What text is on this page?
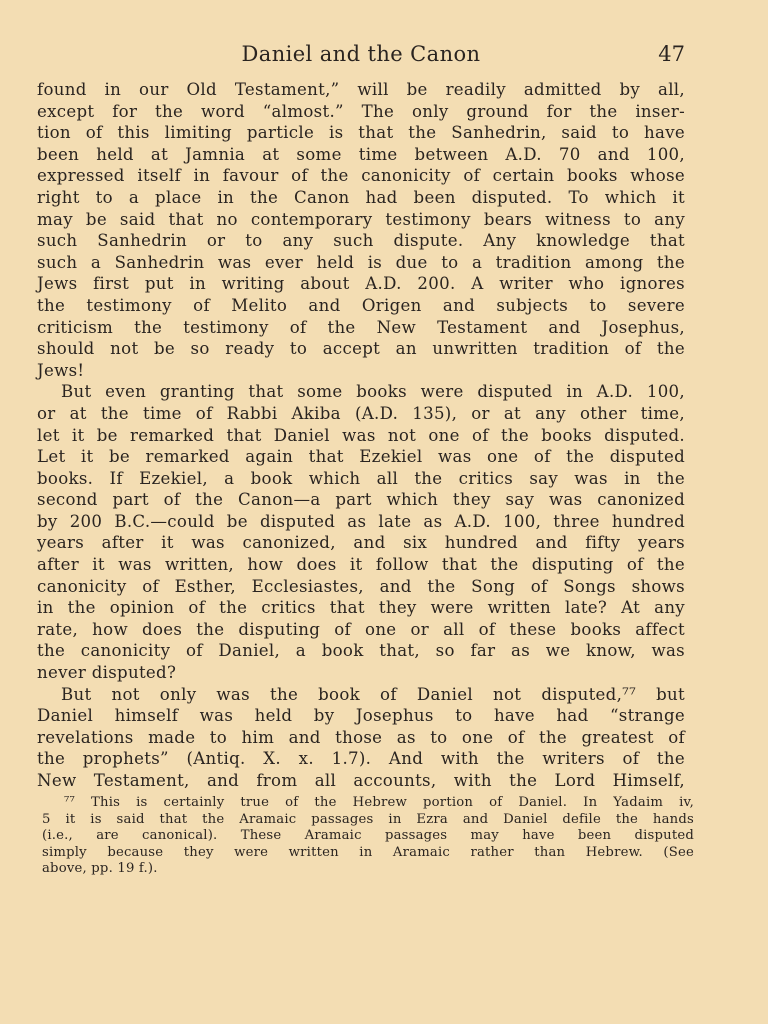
Daniel and the Canon	47
found in our Old Testament,” will be readily admitted by all,
except for the word “almost.” The only ground for the inser-
tion of this limiting particle is that the Sanhedrin, said to have
been held at Jamnia at some time between A.D. 70 and 100,
expressed itself in favour of the canonicity of certain books whose
right to a place in the Canon had been disputed. To which it
may be said that no contemporary testimony bears witness to any
such Sanhedrin or to any such dispute. Any knowledge that
such a Sanhedrin was ever held is due to a tradition among the
Jews first put in writing about A.D. 200. A writer who ignores
the testimony of Melito and Origen and subjects to severe
criticism the testimony of the New Testament and Josephus,
should not be so ready to accept an unwritten tradition of the
Jews!
But even granting that some books were disputed in A.D. 100,
or at the time of Rabbi Akiba (A.D. 135), or at any other time,
let it be remarked that Daniel was not one of the books disputed.
Let it be remarked again that Ezekiel was one of the disputed
books. If Ezekiel, a book which all the critics say was in the
second part of the Canon—a part which they say was canonized
by 200 B.C.—could be disputed as late as A.D. 100, three hundred
years after it was canonized, and six hundred and fifty years
after it was written, how does it follow that the disputing of the
canonicity of Esther, Ecclesiastes, and the Song of Songs shows
in the opinion of the critics that they were written late? At any
rate, how does the disputing of one or all of these books affect
the canonicity of Daniel, a book that, so far as we know, was
never disputed?
But not only was the book of Daniel not disputed,⁷⁷ but
Daniel himself was held by Josephus to have had “strange
revelations made to him and those as to one of the greatest of
the prophets” (Antiq. X. x. 1.7). And with the writers of the
New Testament, and from all accounts, with the Lord Himself,
⁷⁷ This is certainly true of the Hebrew portion of Daniel. In Yadaim iv,
5 it is said that the Aramaic passages in Ezra and Daniel defile the hands
(i.e., are canonical). These Aramaic passages may have been disputed
simply because they were written in Aramaic rather than Hebrew. (See
above, pp. 19 f.).
